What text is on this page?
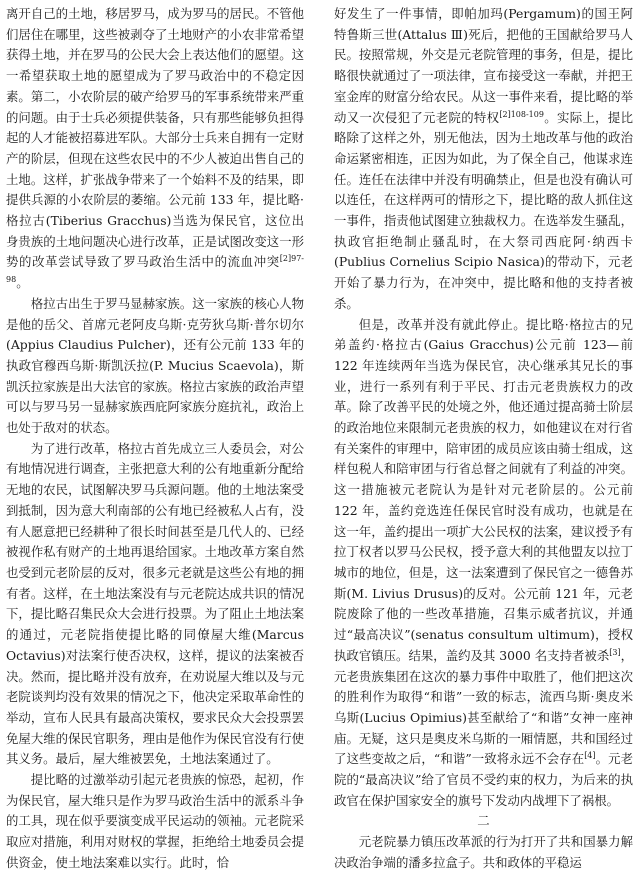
离开自己的土地，移居罗马，成为罗马的居民。不管他们居住在哪里，这些被剥夺了土地财产的小农非常希望获得土地，并在罗马的公民大会上表达他们的愿望。这一希望获取土地的愿望成为了罗马政治中的不稳定因素。第二，小农阶层的破产给罗马的军事系统带来严重的问题。由于士兵必须提供装备，只有那些能够负担得起的人才能被招募进军队。大部分士兵来自拥有一定财产的阶层，但现在这些农民中的不少人被迫出售自己的土地。这样，扩张战争带来了一个始料不及的结果，即提供兵源的小农阶层的萎缩。公元前 133 年，提比略·格拉古(Tiberius Gracchus)当选为保民官，这位出身贵族的土地问题决心进行改革，正是试图改变这一形势的改革尝试导致了罗马政治生活中的流血冲突$^{[2]97-98}$。

格拉古出生于罗马显赫家族。这一家族的核心人物是他的岳父、首席元老阿皮乌斯·克劳狄乌斯·普尔切尔(Appius Claudius Pulcher)，还有公元前 133 年的执政官穆西乌斯·斯凯沃拉(P. Mucius Scaevola)，斯凯沃拉家族是出大法官的家族。格拉古家族的政治声望可以与罗马另一显赫家族西庇阿家族分庭抗礼，政治上也处于敌对的状态。

为了进行改革，格拉古首先成立三人委员会，对公有地情况进行调查，主张把意大利的公有地重新分配给无地的农民，试图解决罗马兵源问题。他的土地法案受到抵制，因为意大利南部的公有地已经被私人占有，没有人愿意把已经耕种了很长时间甚至是几代人的、已经被视作私有财产的土地再退给国家。土地改革方案自然也受到元老阶层的反对，很多元老就是这些公有地的拥有者。这样，在土地法案没有与元老院达成共识的情况下，提比略召集民众大会进行投票。为了阻止土地法案的通过，元老院指使提比略的同僚屋大维(Marcus Octavius)对法案行使否决权，这样，提议的法案被否决。然而，提比略并没有放弃，在劝说屋大维以及与元老院谈判均没有效果的情况之下，他决定采取革命性的举动，宣布人民具有最高决策权，要求民众大会投票罢免屋大维的保民官职务，理由是他作为保民官没有行使其义务。最后，屋大维被罢免，土地法案通过了。

提比略的过激举动引起元老贵族的惊恐，起初，作为保民官，屋大维只是作为罗马政治生活中的派系斗争的工具，现在似乎要演变成平民运动的领袖。元老院采取应对措施，利用对财权的掌握，拒绝给土地委员会提供资金，使土地法案难以实行。此时，恰

好发生了一件事情，即帕加玛(Pergamum)的国王阿特鲁斯三世(Attalus Ⅲ)死后，把他的王国献给罗马人民。按照常规，外交是元老院管理的事务，但是，提比略很快就通过了一项法律，宣布接受这一奉献，并把王室金库的财富分给农民。从这一事件来看，提比略的举动又一次侵犯了元老院的特权$^{[2]108-109}$。实际上，提比略除了这样之外，别无他法，因为土地改革与他的政治命运紧密相连，正因为如此，为了保全自己，他谋求连任。连任在法律中并没有明确禁止，但是也没有确认可以连任，在这样两可的情形之下，提比略的敌人抓住这一事件，指责他试图建立独裁权力。在选举发生骚乱，执政官拒绝制止骚乱时，在大祭司西庇阿·纳西卡(Publius Cornelius Scipio Nasica)的带动下，元老开始了暴力行为，在冲突中，提比略和他的支持者被杀。

但是，改革并没有就此停止。提比略·格拉古的兄弟盖约·格拉古(Gaius Gracchus)公元前 123—前122 年连续两年当选为保民官，决心继承其兄长的事业，进行一系列有利于平民、打击元老贵族权力的改革。除了改善平民的处境之外，他还通过提高骑士阶层的政治地位来限制元老贵族的权力，如他建议在对行省有关案件的审理中，陪审团的成员应该由骑士组成，这样包税人和陪审团与行省总督之间就有了利益的冲突。这一措施被元老院认为是针对元老阶层的。公元前 122 年，盖约竞选连任保民官时没有成功，也就是在这一年，盖约提出一项扩大公民权的法案，建议授予有拉丁权者以罗马公民权，授予意大利的其他盟友以拉丁城市的地位，但是，这一法案遭到了保民官之一德鲁苏斯(M. Livius Drusus)的反对。公元前 121 年，元老院废除了他的一些改革措施，召集示威者抗议，并通过“最高决议”(senatus consultum ultimum)，授权执政官镇压。结果，盖约及其 3000 名支持者被杀[3]，元老贵族集团在这次的暴力事件中取胜了，他们把这次的胜利作为取得“和谐”一致的标志，流西乌斯·奥皮米乌斯(Lucius Opimius)甚至献给了“和谐”女神一座神庙。无疑，这只是奥皮米乌斯的一厢情愿，共和国经过了这些变故之后，“和谐”一致将永远不会存在[4]。元老院的“最高决议”给了官员不受约束的权力，为后来的执政官在保护国家安全的旗号下发动内战埋下了祸根。

二

元老院暴力镇压改革派的行为打开了共和国暴力解决政治争端的潘多拉盒子。共和政体的平稳运
